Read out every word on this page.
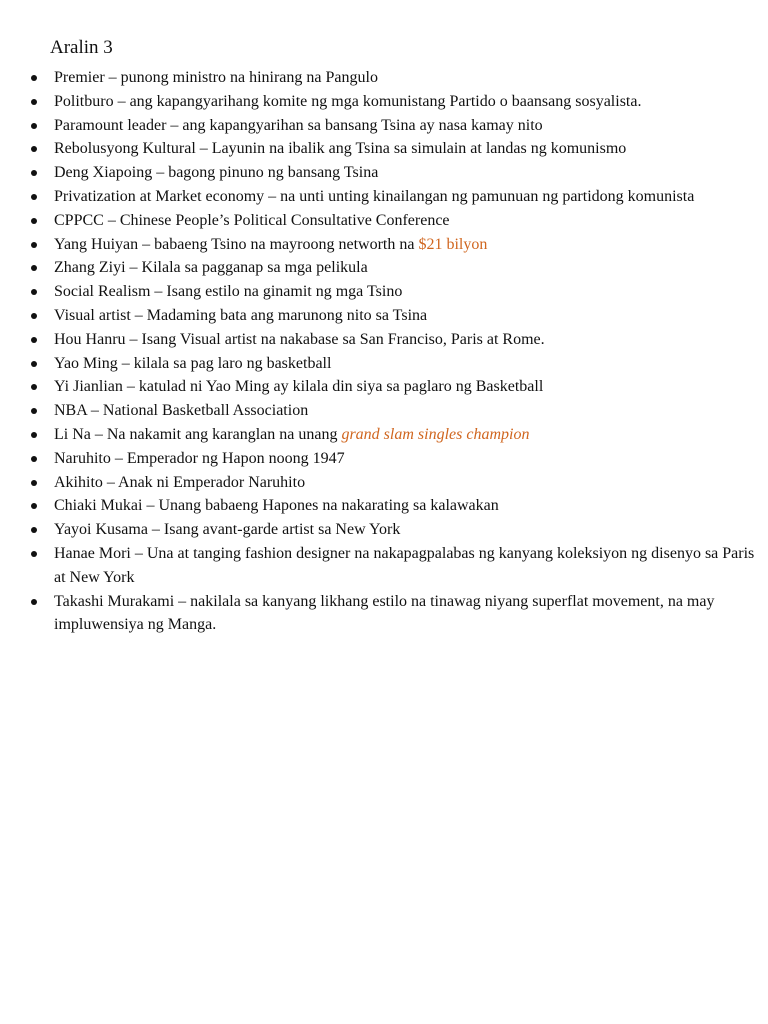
Aralin 3
Premier – punong ministro na hinirang na Pangulo
Politburo – ang kapangyarihang komite ng mga komunistang Partido o baansang sosyalista.
Paramount leader – ang kapangyarihan sa bansang Tsina ay nasa kamay nito
Rebolusyong Kultural – Layunin na ibalik ang Tsina sa simulain at landas ng komunismo
Deng Xiapoing – bagong pinuno ng bansang Tsina
Privatization at Market economy – na unti unting kinailangan ng pamunuan ng partidong komunista
CPPCC – Chinese People’s Political Consultative Conference
Yang Huiyan – babaeng Tsino na mayroong networth na $21 bilyon
Zhang Ziyi – Kilala sa pagganap sa mga pelikula
Social Realism – Isang estilo na ginamit ng mga Tsino
Visual artist – Madaming bata ang marunong nito sa Tsina
Hou Hanru – Isang Visual artist na nakabase sa San Franciso, Paris at Rome.
Yao Ming – kilala sa pag laro ng basketball
Yi Jianlian – katulad ni Yao Ming ay kilala din siya sa paglaro ng Basketball
NBA – National Basketball Association
Li Na – Na nakamit ang karanglan na unang grand slam singles champion
Naruhito – Emperador ng Hapon noong 1947
Akihito – Anak ni Emperador Naruhito
Chiaki Mukai – Unang babaeng Hapones na nakarating sa kalawakan
Yayoi Kusama – Isang avant-garde artist sa New York
Hanae Mori – Una at tanging fashion designer na nakapagpalabas ng kanyang koleksiyon ng disenyo sa Paris at New York
Takashi Murakami – nakilala sa kanyang likhang estilo na tinawag niyang superflat movement, na may impluwensiya ng Manga.
